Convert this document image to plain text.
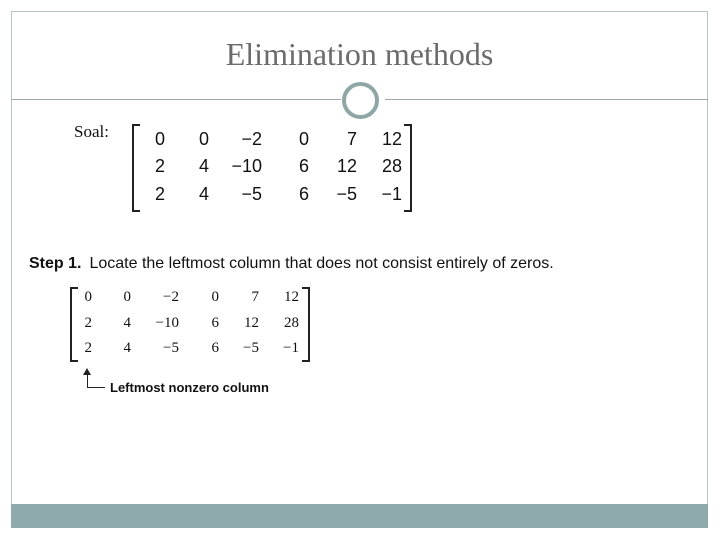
Elimination methods
Soal:	0	0	−2	0	7	12
2	4	−10	6	12	28
2	4	−5	6	−5	−1
Step 1. Locate the leftmost column that does not consist entirely of zeros.
0	0	−2	0	7	12
2	4	−10	6	12	28
2	4	−5	6	−5	−1
Leftmost nonzero column
